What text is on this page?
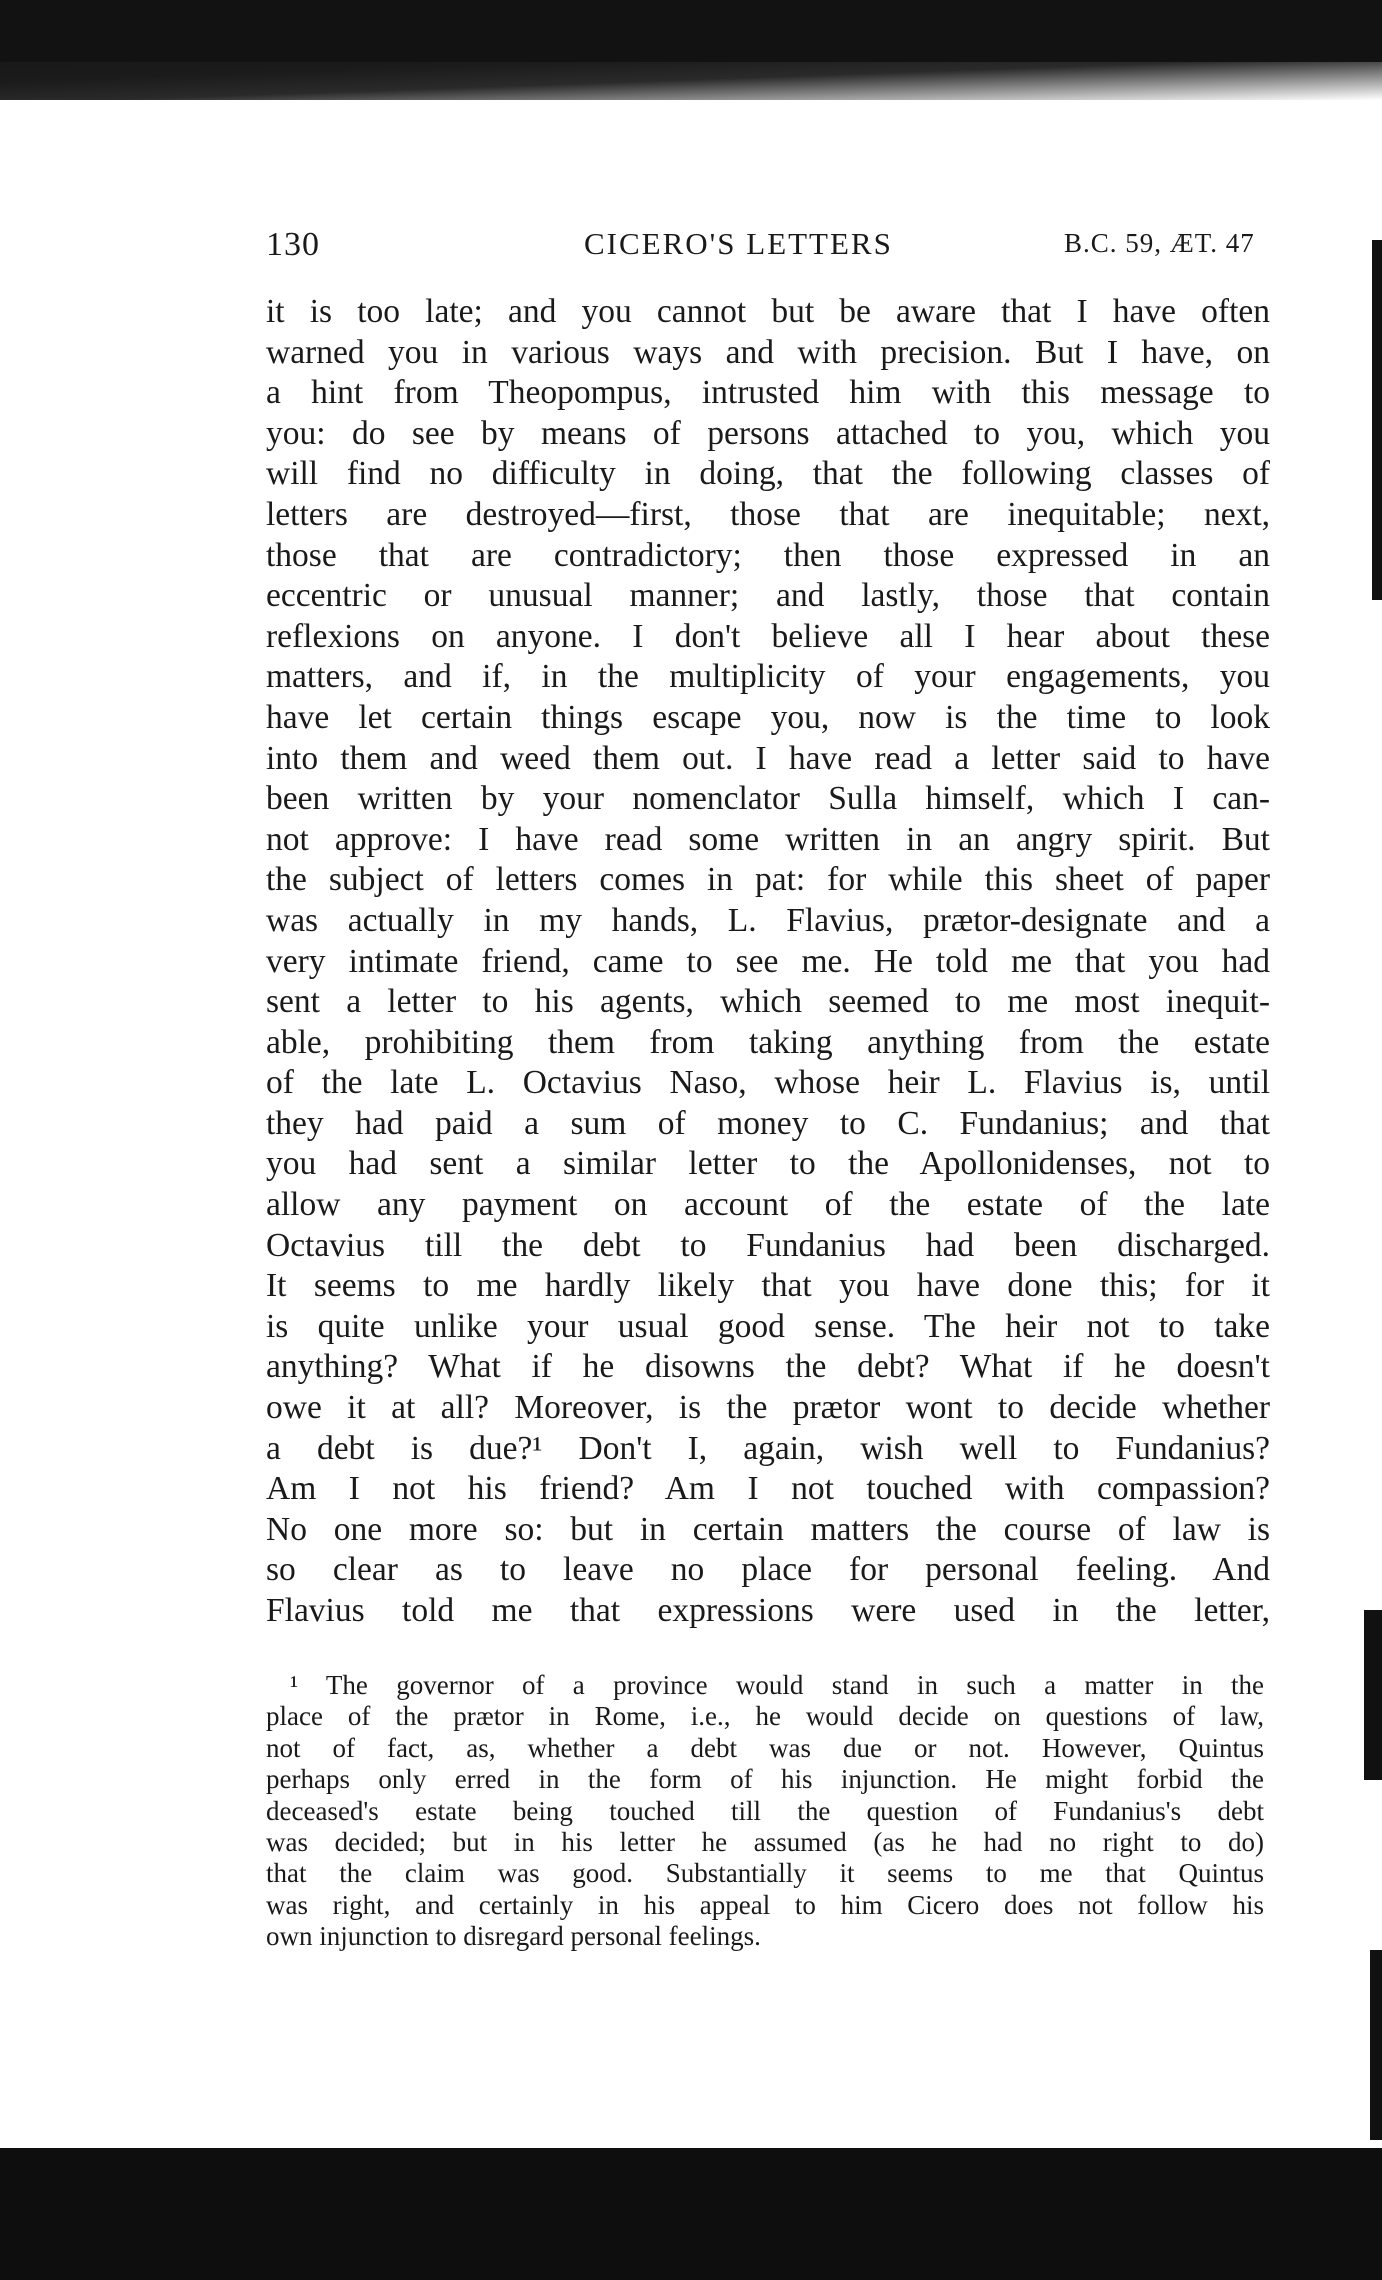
130	CICERO'S LETTERS	B.C. 59, ÆT. 47
it is too late; and you cannot but be aware that I have often
warned you in various ways and with precision. But I have, on
a hint from Theopompus, intrusted him with this message to
you: do see by means of persons attached to you, which you
will find no difficulty in doing, that the following classes of
letters are destroyed—first, those that are inequitable; next,
those that are contradictory; then those expressed in an
eccentric or unusual manner; and lastly, those that contain
reflexions on anyone. I don't believe all I hear about these
matters, and if, in the multiplicity of your engagements, you
have let certain things escape you, now is the time to look
into them and weed them out. I have read a letter said to have
been written by your nomenclator Sulla himself, which I can-
not approve: I have read some written in an angry spirit. But
the subject of letters comes in pat: for while this sheet of paper
was actually in my hands, L. Flavius, prætor-designate and a
very intimate friend, came to see me. He told me that you had
sent a letter to his agents, which seemed to me most inequit-
able, prohibiting them from taking anything from the estate
of the late L. Octavius Naso, whose heir L. Flavius is, until
they had paid a sum of money to C. Fundanius; and that
you had sent a similar letter to the Apollonidenses, not to
allow any payment on account of the estate of the late
Octavius till the debt to Fundanius had been discharged.
It seems to me hardly likely that you have done this; for it
is quite unlike your usual good sense. The heir not to take
anything? What if he disowns the debt? What if he doesn't
owe it at all? Moreover, is the prætor wont to decide whether
a debt is due?¹ Don't I, again, wish well to Fundanius?
Am I not his friend? Am I not touched with compassion?
No one more so: but in certain matters the course of law is
so clear as to leave no place for personal feeling. And
Flavius told me that expressions were used in the letter,
¹ The governor of a province would stand in such a matter in the
place of the prætor in Rome, i.e., he would decide on questions of law,
not of fact, as, whether a debt was due or not. However, Quintus
perhaps only erred in the form of his injunction. He might forbid the
deceased's estate being touched till the question of Fundanius's debt
was decided; but in his letter he assumed (as he had no right to do)
that the claim was good. Substantially it seems to me that Quintus
was right, and certainly in his appeal to him Cicero does not follow his
own injunction to disregard personal feelings.
